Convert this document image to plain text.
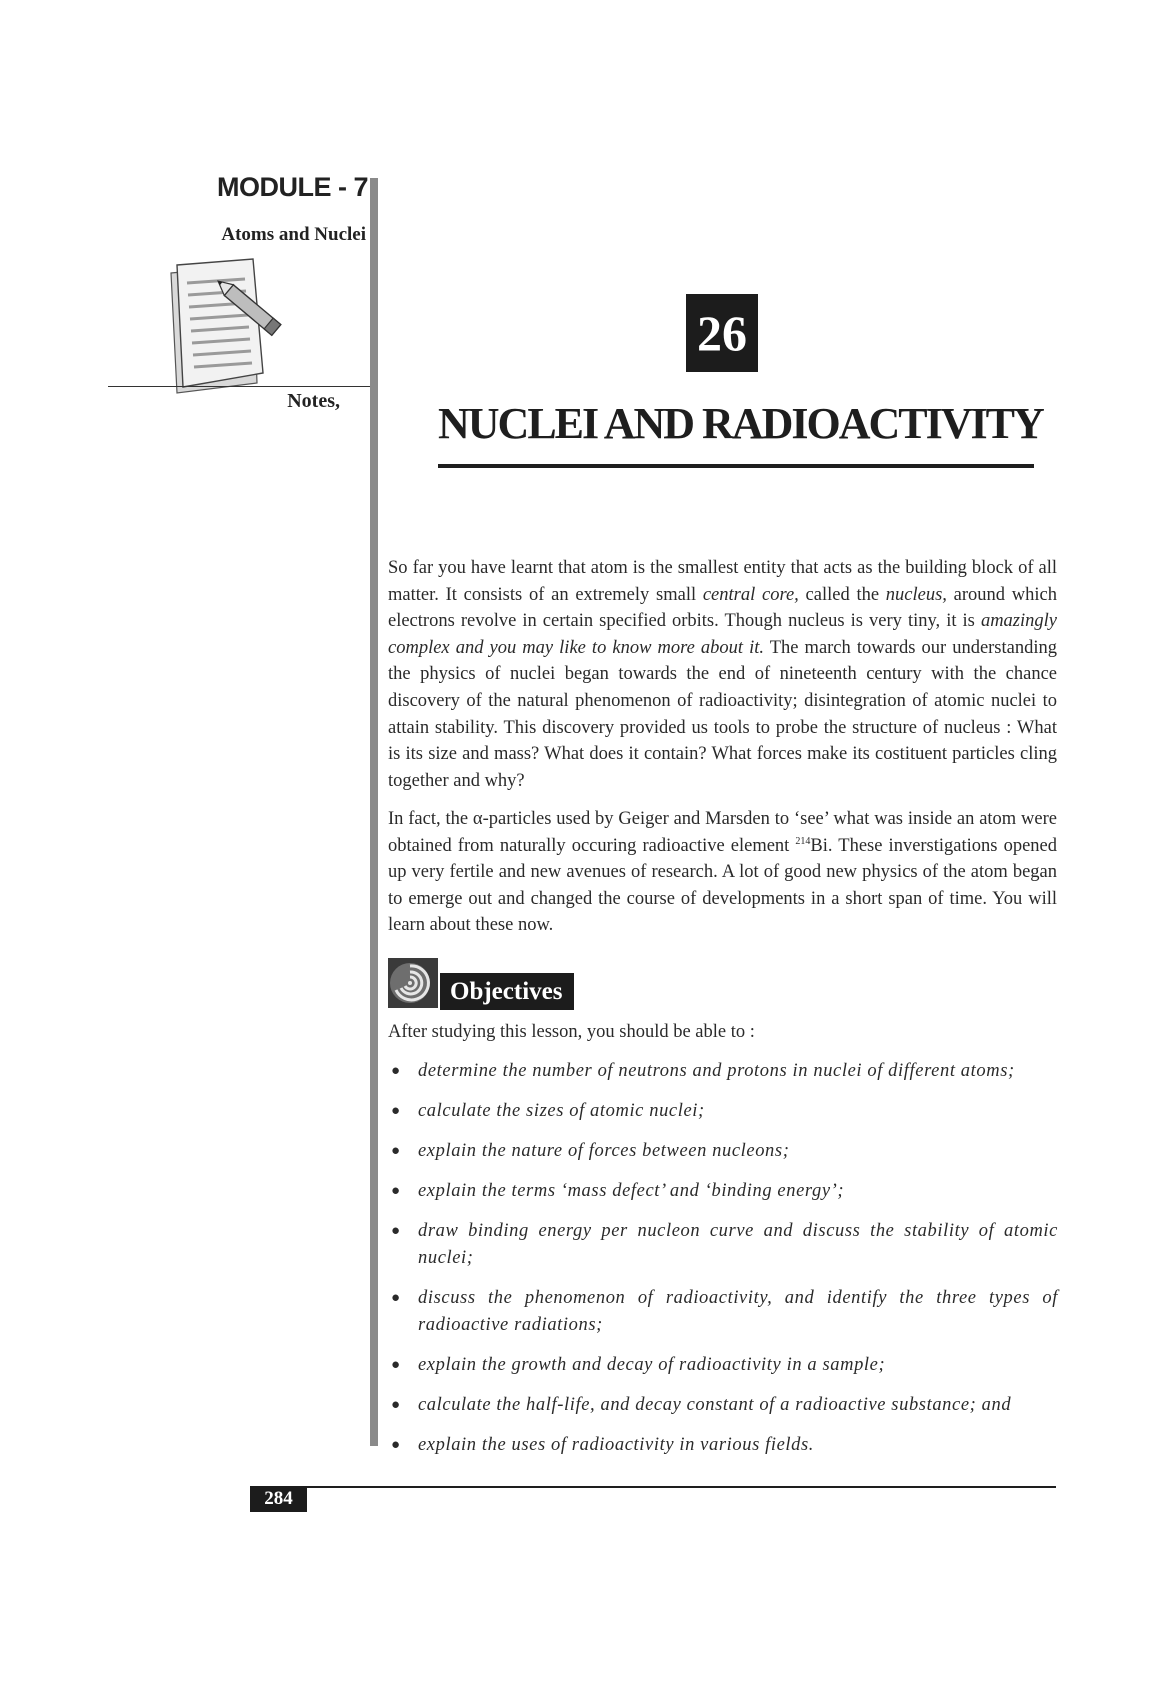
MODULE - 7
Atoms and Nuclei
Notes,
26
NUCLEI AND RADIOACTIVITY

So far you have learnt that atom is the smallest entity that acts as the building block of all matter. It consists of an extremely small central core, called the nucleus, around which electrons revolve in certain specified orbits. Though nucleus is very tiny, it is amazingly complex and you may like to know more about it. The march towards our understanding the physics of nuclei began towards the end of nineteenth century with the chance discovery of the natural phenomenon of radioactivity; disintegration of atomic nuclei to attain stability. This discovery provided us tools to probe the structure of nucleus : What is its size and mass? What does it contain? What forces make its costituent particles cling together and why?

In fact, the α-particles used by Geiger and Marsden to ‘see’ what was inside an atom were obtained from naturally occuring radioactive element $^{214}$Bi. These inverstigations opened up very fertile and new avenues of research. A lot of good new physics of the atom began to emerge out and changed the course of developments in a short span of time. You will learn about these now.

Objectives
After studying this lesson, you should be able to :
● determine the number of neutrons and protons in nuclei of different atoms;
● calculate the sizes of atomic nuclei;
● explain the nature of forces between nucleons;
● explain the terms ‘mass defect’ and ‘binding energy’;
● draw binding energy per nucleon curve and discuss the stability of atomic nuclei;
● discuss the phenomenon of radioactivity, and identify the three types of radioactive radiations;
● explain the growth and decay of radioactivity in a sample;
● calculate the half-life, and decay constant of a radioactive substance; and
● explain the uses of radioactivity in various fields.
284
